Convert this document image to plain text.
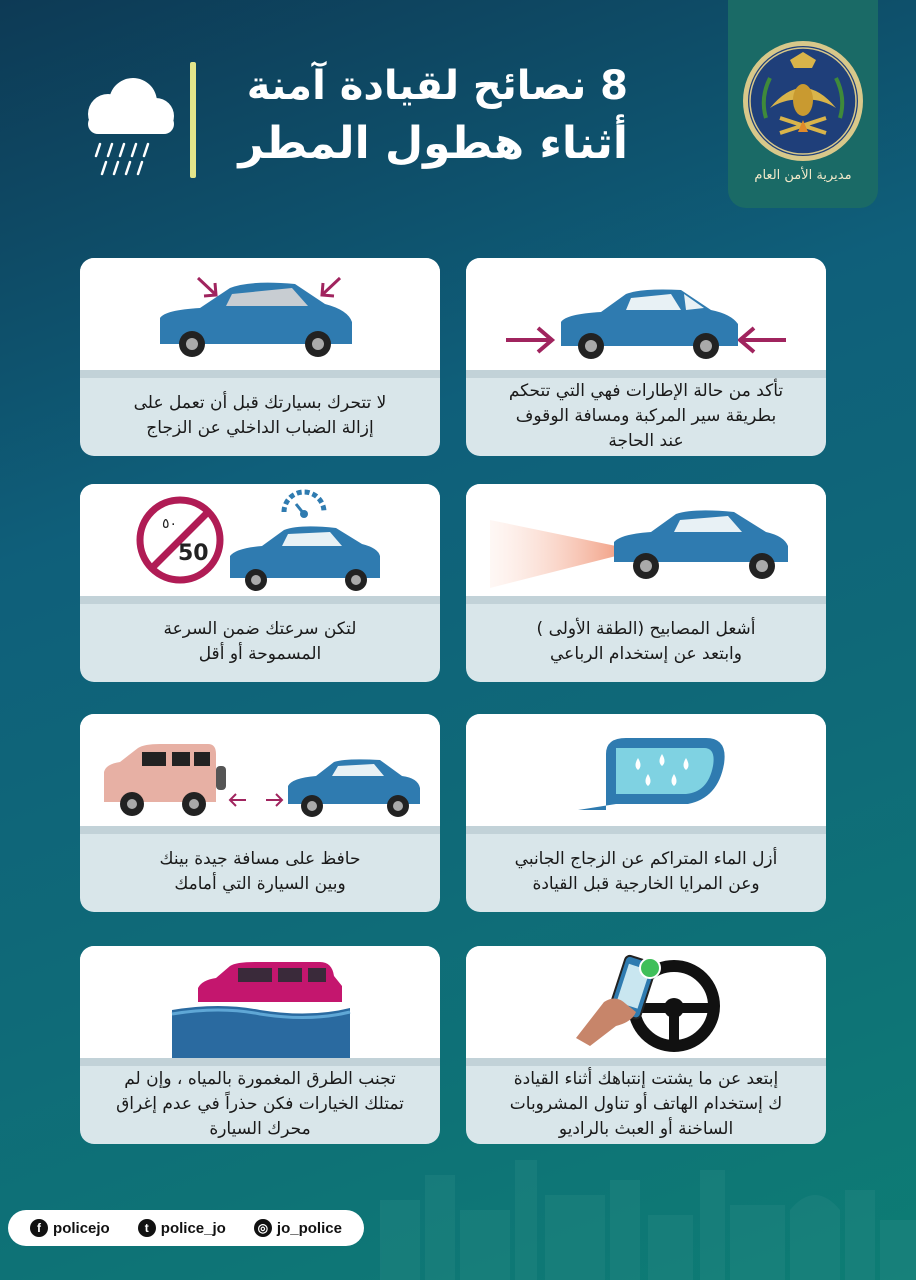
8 نصائح لقيادة آمنة
أثناء هطول المطر
مديرية الأمن العام
تأكد من حالة الإطارات فهي التي تتحكم
بطريقة سير المركبة ومسافة الوقوف
عند الحاجة
لا تتحرك بسيارتك قبل أن تعمل على
إزالة الضباب الداخلي عن الزجاج
أشعل المصابيح (الطقة الأولى )
وابتعد عن إستخدام الرباعي
٥٠
50
لتكن سرعتك ضمن السرعة
المسموحة أو أقل
أزل الماء المتراكم عن الزجاج الجانبي
وعن المرايا الخارجية قبل القيادة
حافظ على مسافة جيدة بينك
وبين السيارة التي أمامك
إبتعد عن ما يشتت إنتباهك أثناء القيادة
ك إستخدام الهاتف أو تناول المشروبات
الساخنة أو العبث بالراديو
تجنب الطرق المغمورة بالمياه ، وإن لم
تمتلك الخيارات فكن حذراً في عدم إغراق
محرك السيارة
f policejo	t police_jo	◎ jo_police
